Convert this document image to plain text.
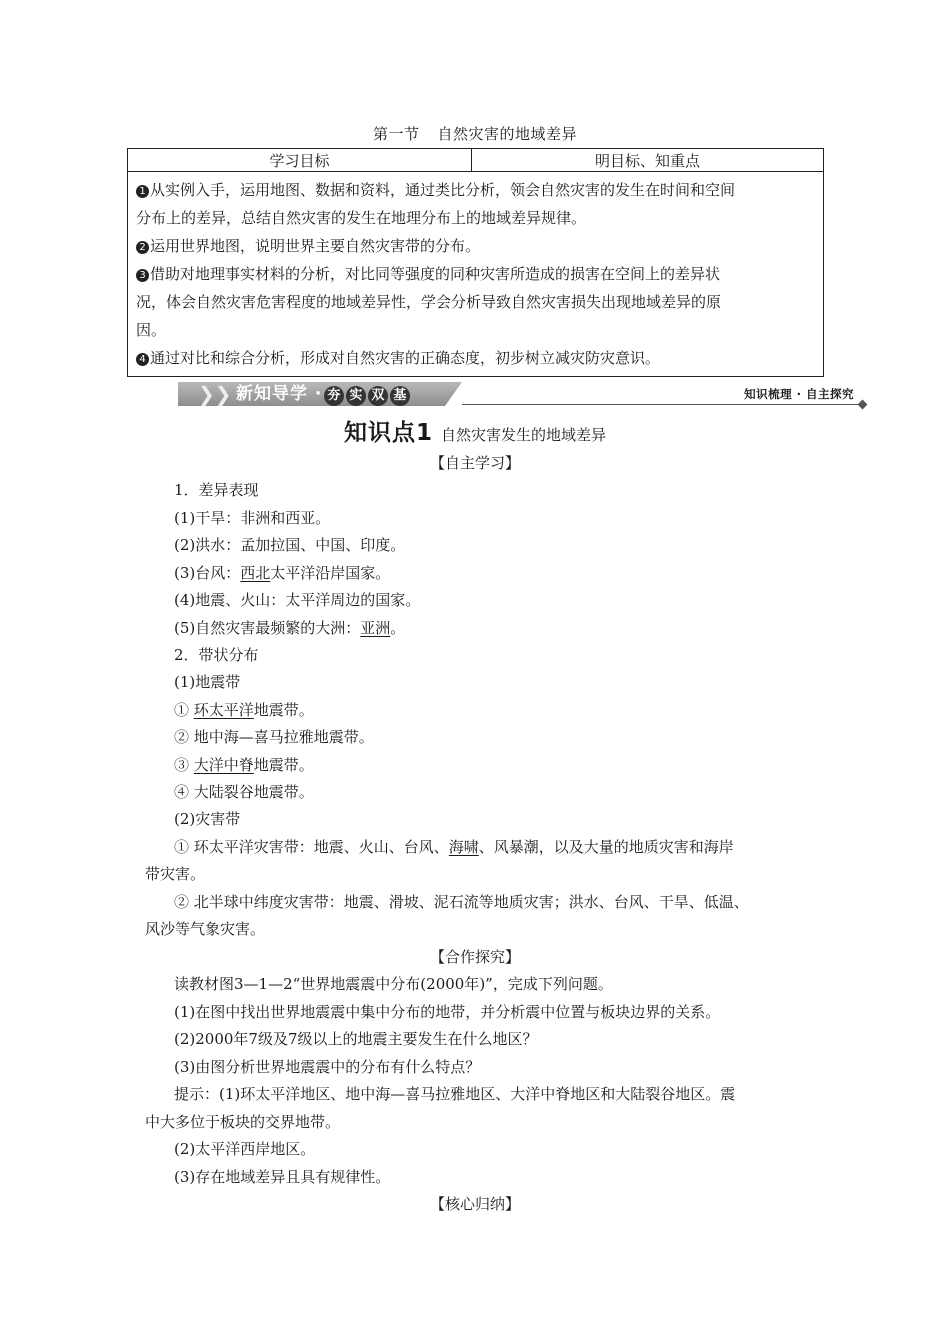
第一节 自然灾害的地域差异
学习目标	明目标、知重点

1 从实例入手，运用地图、数据和资料，通过类比分析，领会自然灾害的发生在时间和空间
分布上的差异，总结自然灾害的发生在地理分布上的地域差异规律。
2 运用世界地图，说明世界主要自然灾害带的分布。
3 借助对地理事实材料的分析，对比同等强度的同种灾害所造成的损害在空间上的差异状
况，体会自然灾害危害程度的地域差异性，学会分析导致自然灾害损失出现地域差异的原
因。
4 通过对比和综合分析，形成对自然灾害的正确态度，初步树立减灾防灾意识。
❯❯ 新知导学 · 夯 实 双 基	知识梳理 · 自主探究
知识点1 自然灾害发生的地域差异
【自主学习】
1．差异表现
(1)干旱：非洲和西亚。
(2)洪水：孟加拉国、中国、印度。
(3)台风：西北太平洋沿岸国家。
(4)地震、火山：太平洋周边的国家。
(5)自然灾害最频繁的大洲：亚洲。
2．带状分布
(1)地震带
① 环太平洋地震带。
② 地中海—喜马拉雅地震带。
③ 大洋中脊地震带。
④ 大陆裂谷地震带。
(2)灾害带
① 环太平洋灾害带：地震、火山、台风、海啸、风暴潮，以及大量的地质灾害和海岸
带灾害。
② 北半球中纬度灾害带：地震、滑坡、泥石流等地质灾害；洪水、台风、干旱、低温、
风沙等气象灾害。
【合作探究】
读教材图3—1—2“世界地震震中分布(2000年)”，完成下列问题。
(1)在图中找出世界地震震中集中分布的地带，并分析震中位置与板块边界的关系。
(2)2000年7级及7级以上的地震主要发生在什么地区？
(3)由图分析世界地震震中的分布有什么特点？
提示：(1)环太平洋地区、地中海—喜马拉雅地区、大洋中脊地区和大陆裂谷地区。震
中大多位于板块的交界地带。
(2)太平洋西岸地区。
(3)存在地域差异且具有规律性。
【核心归纳】
